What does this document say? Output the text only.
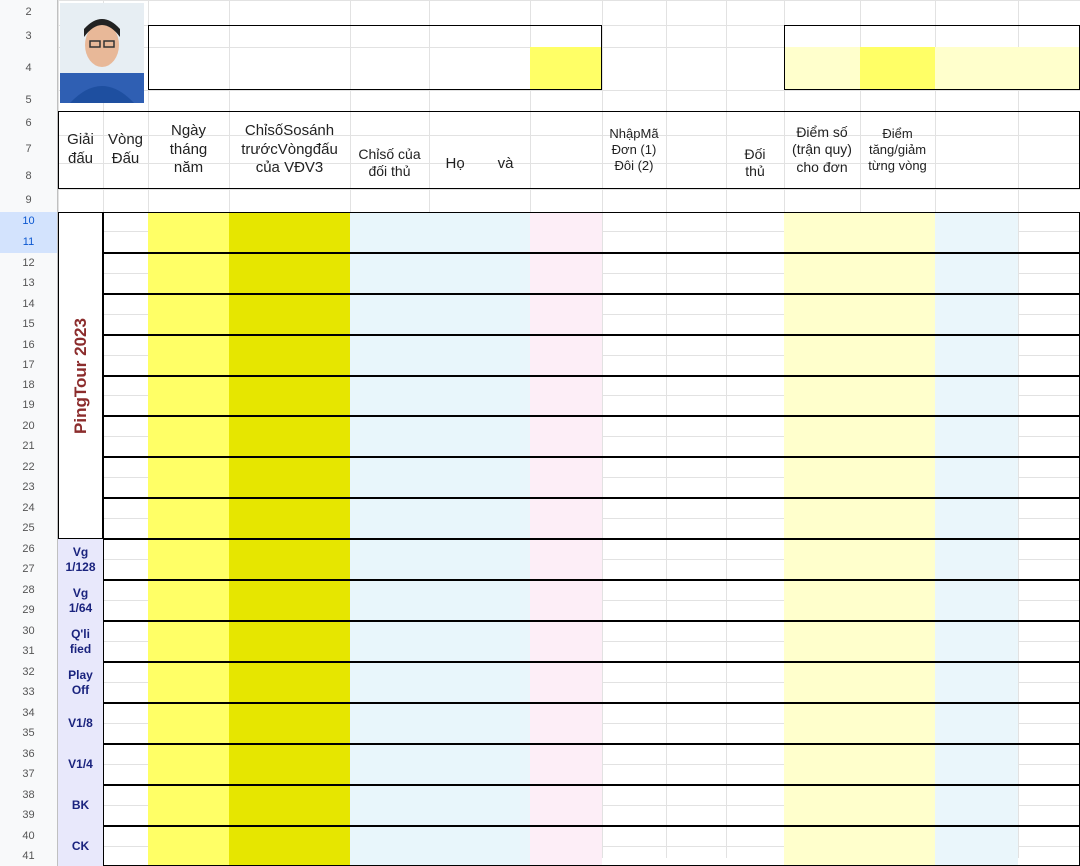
2
3
4
5
6
7
8
9
10
11
12
13
14
15
16
17
18
19
20
21
22
23
24
25
26
27
28
29
30
31
32
33
34
35
36
37
38
39
40
41
Giải
đấu
Vòng
Đấu
Ngày
tháng
năm
ChỉsốSosánh
trướcVòngđấu
của VĐV3
Chỉsố của
đối thủ Họ và
NhậpMã
Đơn (1)
Đôi (2)
Đối
thủ
Điểm số
(trận quy)
cho đơn
Điểm
tăng/giảm
từng vòng
Vg
1/128
Vg
1/64
Q'li
fied
Play
Off
V1/8
V1/4
BK
CK
PingTour 2023
